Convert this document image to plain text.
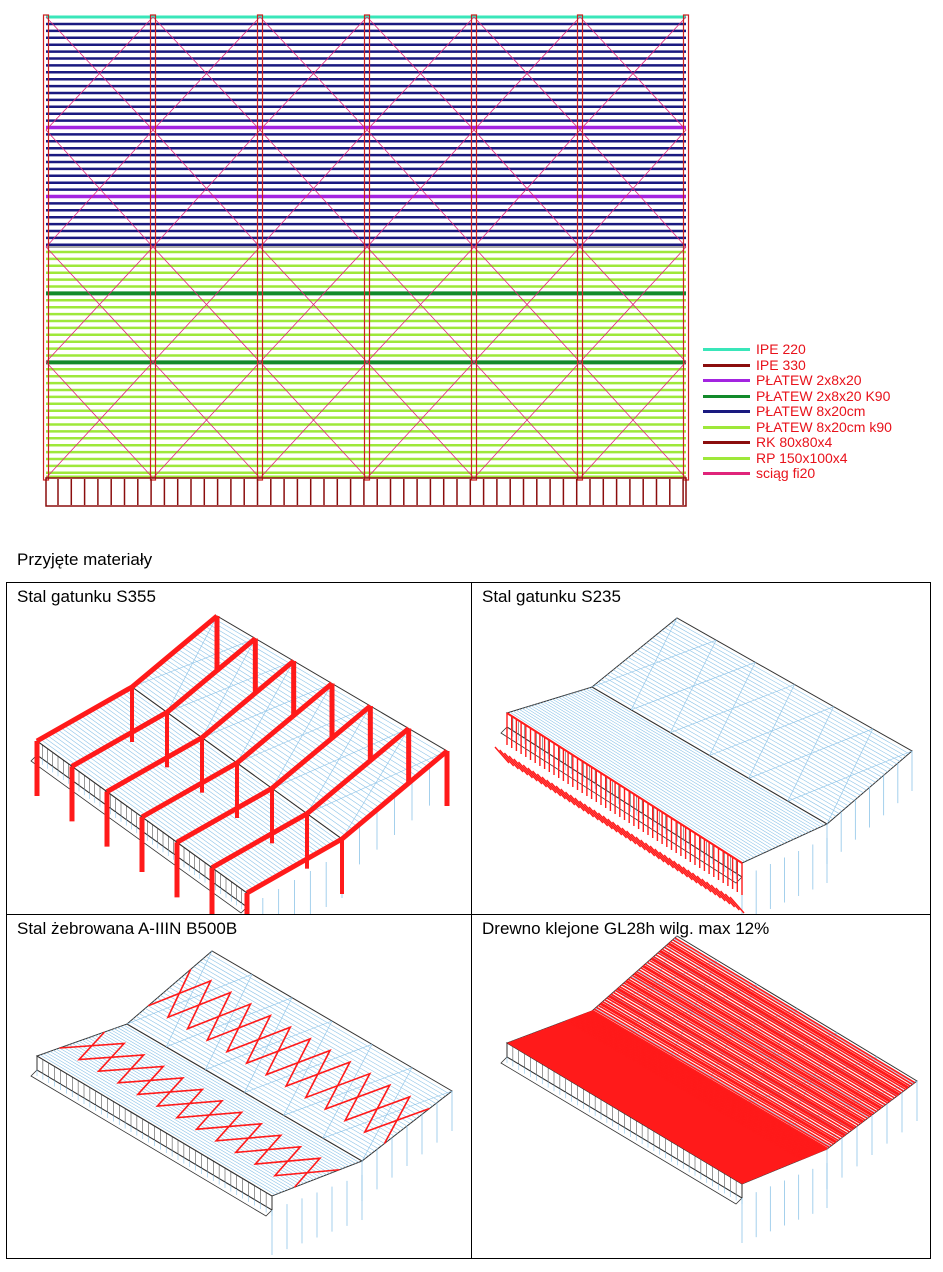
IPE 220
IPE 330
PŁATEW 2x8x20
PŁATEW 2x8x20 K90
PŁATEW 8x20cm
PŁATEW 8x20cm k90
RK 80x80x4
RP 150x100x4
sciąg fi20
Przyjęte materiały
Stal gatunku S355	Stal gatunku S235
Stal żebrowana A-IIIN B500B	Drewno klejone GL28h wilg. max 12%
